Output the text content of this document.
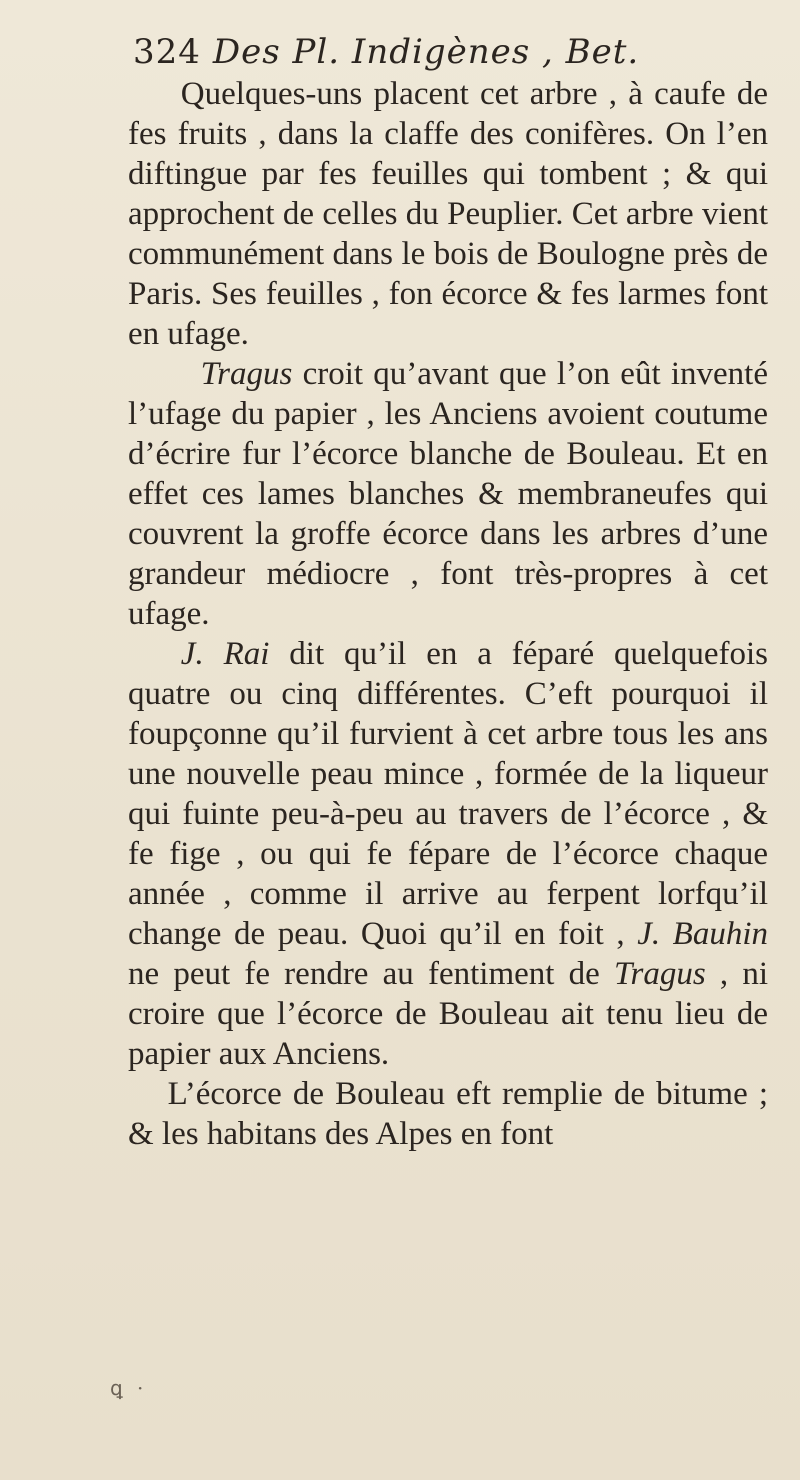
324 Des Pl. Indigènes , Bet.

Quelques-uns placent cet arbre , à caufe de fes fruits , dans la claffe des conifères. On l’en diftingue par fes feuilles qui tombent ; & qui approchent de celles du Peuplier. Cet arbre vient communément dans le bois de Boulogne près de Paris. Ses feuilles , fon écorce & fes larmes font en ufage.

Tragus croit qu’avant que l’on eût inventé l’ufage du papier , les Anciens avoient coutume d’écrire fur l’écorce blanche de Bouleau. Et en effet ces lames blanches & membraneufes qui couvrent la groffe écorce dans les arbres d’une grandeur médiocre , font très-propres à cet ufage.

J. Rai dit qu’il en a féparé quelquefois quatre ou cinq différentes. C’eft pourquoi il foupçonne qu’il furvient à cet arbre tous les ans une nouvelle peau mince , formée de la liqueur qui fuinte peu-à-peu au travers de l’écorce , & fe fige , ou qui fe fépare de l’écorce chaque année , comme il arrive au ferpent lorfqu’il change de peau. Quoi qu’il en foit , J. Bauhin ne peut fe rendre au fentiment de Tragus , ni croire que l’écorce de Bouleau ait tenu lieu de papier aux Anciens.

L’écorce de Bouleau eft remplie de bitume ; & les habitans des Alpes en font

ꝗ ·
